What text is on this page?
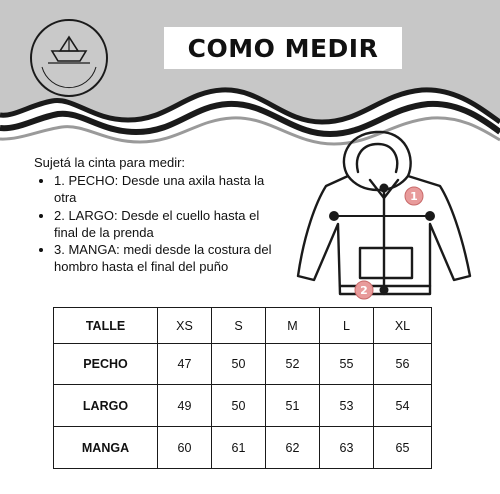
COMO MEDIR

Sujetá la cinta para medir:

• 1. PECHO: Desde una axila hasta la otra
• 2. LARGO: Desde el cuello hasta el final de la prenda
• 3. MANGA: medi desde la costura del hombro hasta el final del puño
1
2
TALLE	XS	S	M	L	XL
PECHO	47	50	52	55	56
LARGO	49	50	51	53	54
MANGA	60	61	62	63	65
